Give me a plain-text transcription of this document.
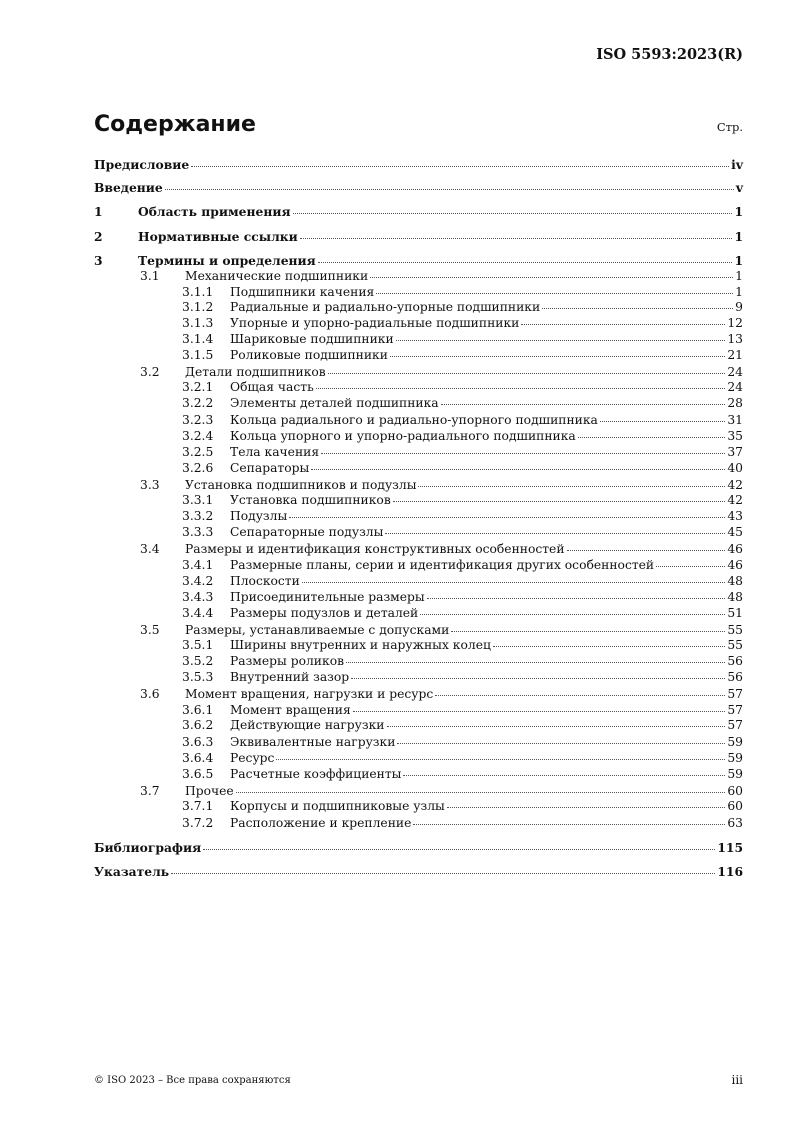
ISO 5593:2023(R)
Содержание	Стр.
Предисловие	iv
Введение	v
1	Область применения	1
2	Нормативные ссылки	1
3	Термины и определения	1
3.1 Механические подшипники	1
3.1.1 Подшипники качения	1
3.1.2 Радиальные и радиально-упорные подшипники	9
3.1.3 Упорные и упорно-радиальные подшипники	12
3.1.4 Шариковые подшипники	13
3.1.5 Роликовые подшипники	21
3.2 Детали подшипников	24
3.2.1 Общая часть	24
3.2.2 Элементы деталей подшипника	28
3.2.3 Кольца радиального и радиально-упорного подшипника	31
3.2.4 Кольца упорного и упорно-радиального подшипника	35
3.2.5 Тела качения	37
3.2.6 Сепараторы	40
3.3 Установка подшипников и подузлы	42
3.3.1 Установка подшипников	42
3.3.2 Подузлы	43
3.3.3 Сепараторные подузлы	45
3.4 Размеры и идентификация конструктивных особенностей	46
3.4.1 Размерные планы, серии и идентификация других особенностей	46
3.4.2 Плоскости	48
3.4.3 Присоединительные размеры	48
3.4.4 Размеры подузлов и деталей	51
3.5 Размеры, устанавливаемые с допусками	55
3.5.1 Ширины внутренних и наружных колец	55
3.5.2 Размеры роликов	56
3.5.3 Внутренний зазор	56
3.6 Момент вращения, нагрузки и ресурс	57
3.6.1 Момент вращения	57
3.6.2 Действующие нагрузки	57
3.6.3 Эквивалентные нагрузки	59
3.6.4 Ресурс	59
3.6.5 Расчетные коэффициенты	59
3.7 Прочее	60
3.7.1 Корпусы и подшипниковые узлы	60
3.7.2 Расположение и крепление	63
Библиография	115
Указатель	116
© ISO 2023 – Все права сохраняются	iii
